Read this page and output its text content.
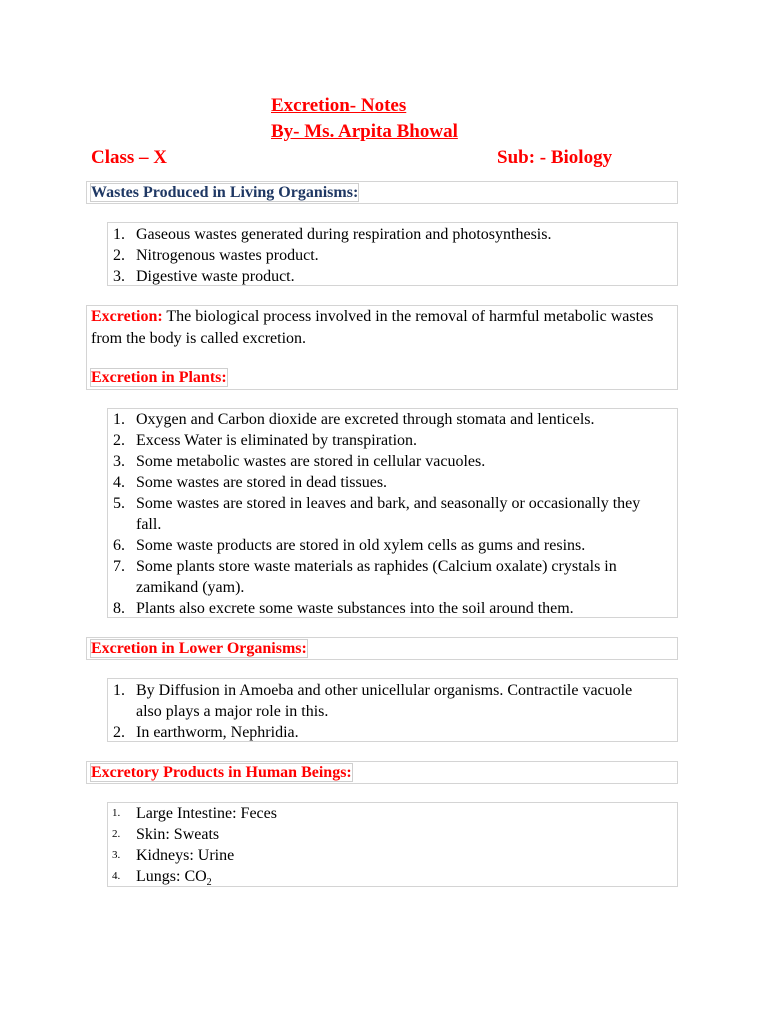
Excretion- Notes
By- Ms. Arpita Bhowal
Class – X	Sub: - Biology
Wastes Produced in Living Organisms:
1. Gaseous wastes generated during respiration and photosynthesis.
2. Nitrogenous wastes product.
3. Digestive waste product.
Excretion: The biological process involved in the removal of harmful metabolic wastes from the body is called excretion.
Excretion in Plants:
1. Oxygen and Carbon dioxide are excreted through stomata and lenticels.
2. Excess Water is eliminated by transpiration.
3. Some metabolic wastes are stored in cellular vacuoles.
4. Some wastes are stored in dead tissues.
5. Some wastes are stored in leaves and bark, and seasonally or occasionally they fall.
6. Some waste products are stored in old xylem cells as gums and resins.
7. Some plants store waste materials as raphides (Calcium oxalate) crystals in zamikand (yam).
8. Plants also excrete some waste substances into the soil around them.
Excretion in Lower Organisms:
1. By Diffusion in Amoeba and other unicellular organisms. Contractile vacuole also plays a major role in this.
2. In earthworm, Nephridia.
Excretory Products in Human Beings:
1. Large Intestine: Feces
2. Skin: Sweats
3. Kidneys: Urine
4. Lungs: $CO_2$
